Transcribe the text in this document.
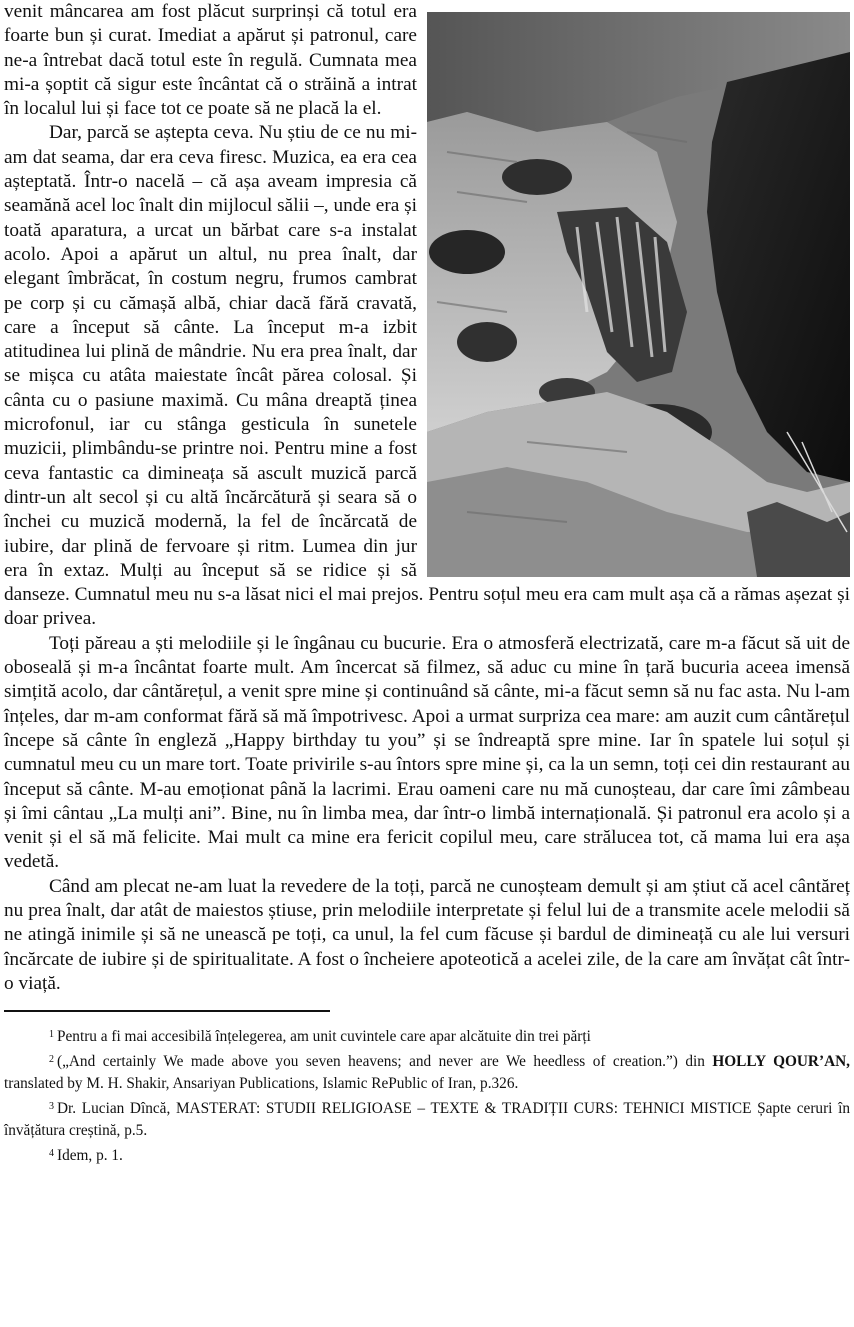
venit mâncarea am fost plăcut surprinși că totul era foarte bun și curat. Imediat a apărut și patronul, care ne-a întrebat dacă totul este în regulă. Cumnata mea mi-a șoptit că sigur este încântat că o străină a intrat în localul lui și face tot ce poate să ne placă la el.

Dar, parcă se aștepta ceva. Nu știu de ce nu mi-am dat seama, dar era ceva firesc. Muzica, ea era cea așteptată. Într-o nacelă – că așa aveam impresia că seamănă acel loc înalt din mijlocul sălii –, unde era și toată aparatura, a urcat un bărbat care s-a instalat acolo. Apoi a apărut un altul, nu prea înalt, dar elegant îmbrăcat, în costum negru, frumos cambrat pe corp și cu cămașă albă, chiar dacă fără cravată, care a început să cânte. La început m-a izbit atitudinea lui plină de mândrie. Nu era prea înalt, dar se mișca cu atâta maiestate încât părea colosal. Și cânta cu o pasiune maximă. Cu mâna dreaptă ținea microfonul, iar cu stânga gesticula în sunetele muzicii, plimbându-se printre noi. Pentru mine a fost ceva fantastic ca dimineața să ascult muzică parcă dintr-un alt secol și cu altă încărcătură și seara să o închei cu muzică modernă, la fel de încărcată de iubire, dar plină de fervoare și ritm. Lumea din jur era în extaz. Mulți au început să se ridice și să danseze. Cumnatul meu nu s-a lăsat nici el mai prejos. Pentru soțul meu era cam mult așa că a rămas așezat și doar privea.

Toți păreau a ști melodiile și le îngânau cu bucurie. Era o atmosferă electrizată, care m-a făcut să uit de oboseală și m-a încântat foarte mult. Am încercat să filmez, să aduc cu mine în țară bucuria aceea imensă simțită acolo, dar cântărețul, a venit spre mine și continuând să cânte, mi-a făcut semn să nu fac asta. Nu l-am înțeles, dar m-am conformat fără să mă împotrivesc. Apoi a urmat surpriza cea mare: am auzit cum cântărețul începe să cânte în engleză „Happy birthday tu you” și se îndreaptă spre mine. Iar în spatele lui soțul și cumnatul meu cu un mare tort. Toate privirile s-au întors spre mine și, ca la un semn, toți cei din restaurant au început să cânte. M-au emoționat până la lacrimi. Erau oameni care nu mă cunoșteau, dar care îmi zâmbeau și îmi cântau „La mulți ani”. Bine, nu în limba mea, dar într-o limbă internațională. Și patronul era acolo și a venit și el să mă felicite. Mai mult ca mine era fericit copilul meu, care strălucea tot, că mama lui era așa vedetă.

Când am plecat ne-am luat la revedere de la toți, parcă ne cunoșteam demult și am știut că acel cântăreț nu prea înalt, dar atât de maiestos știuse, prin melodiile interpretate și felul lui de a transmite acele melodii să ne atingă inimile și să ne unească pe toți, ca unul, la fel cum făcuse și bardul de dimineață cu ale lui versuri încărcate de iubire și de spiritualitate. A fost o încheiere apoteotică a acelei zile, de la care am învățat cât într-o viață.

$^1$ Pentru a fi mai accesibilă înțelegerea, am unit cuvintele care apar alcătuite din trei părți

$^2$ („And certainly We made above you seven heavens; and never are We heedless of creation.”) din HOLLY QOUR’AN, translated by M. H. Shakir, Ansariyan Publications, Islamic RePublic of Iran, p.326.

$^3$ Dr. Lucian Dîncă, MASTERAT: STUDII RELIGIOASE – TEXTE & TRADIȚII CURS: TEHNICI MISTICE Șapte ceruri în învățătura creștină, p.5.

$^4$ Idem, p. 1.
